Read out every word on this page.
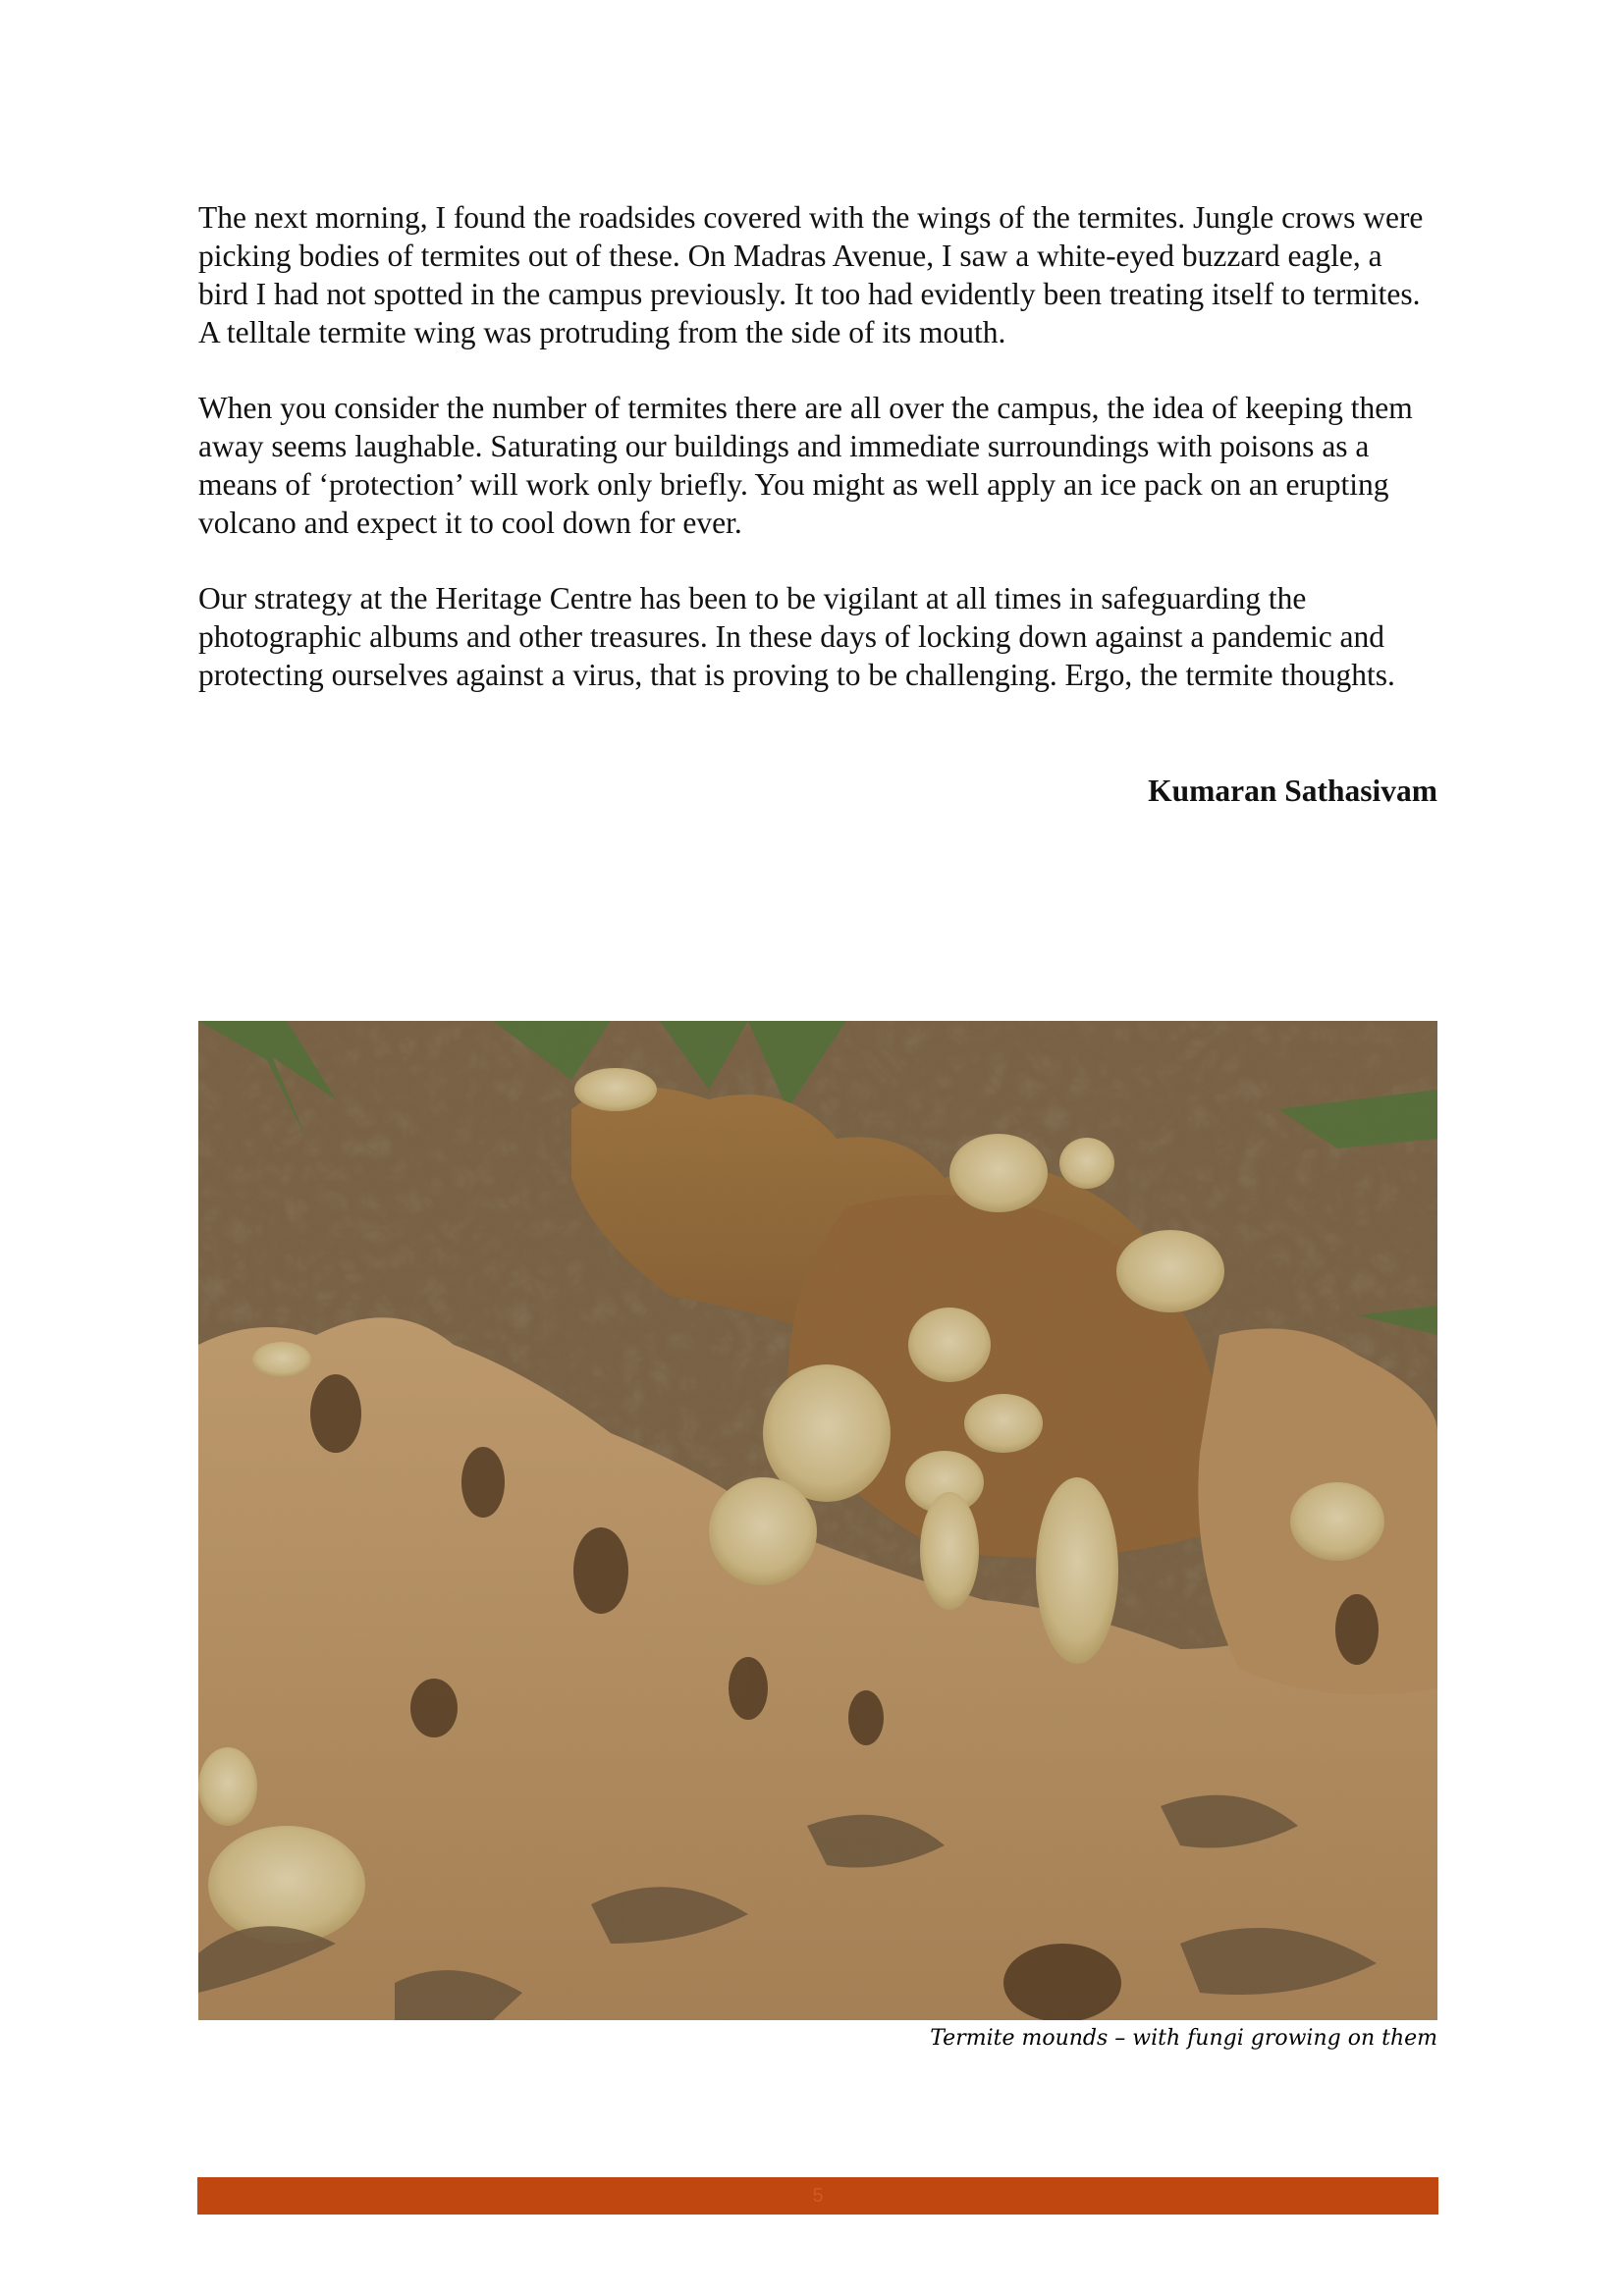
The next morning, I found the roadsides covered with the wings of the termites. Jungle crows were picking bodies of termites out of these. On Madras Avenue, I saw a white-eyed buzzard eagle, a bird I had not spotted in the campus previously. It too had evidently been treating itself to termites. A telltale termite wing was protruding from the side of its mouth.

When you consider the number of termites there are all over the campus, the idea of keeping them away seems laughable. Saturating our buildings and immediate surroundings with poisons as a means of ‘protection’ will work only briefly. You might as well apply an ice pack on an erupting volcano and expect it to cool down for ever.

Our strategy at the Heritage Centre has been to be vigilant at all times in safeguarding the photographic albums and other treasures. In these days of locking down against a pandemic and protecting ourselves against a virus, that is proving to be challenging. Ergo, the termite thoughts.

Kumaran Sathasivam
Termite mounds – with fungi growing on them
5
